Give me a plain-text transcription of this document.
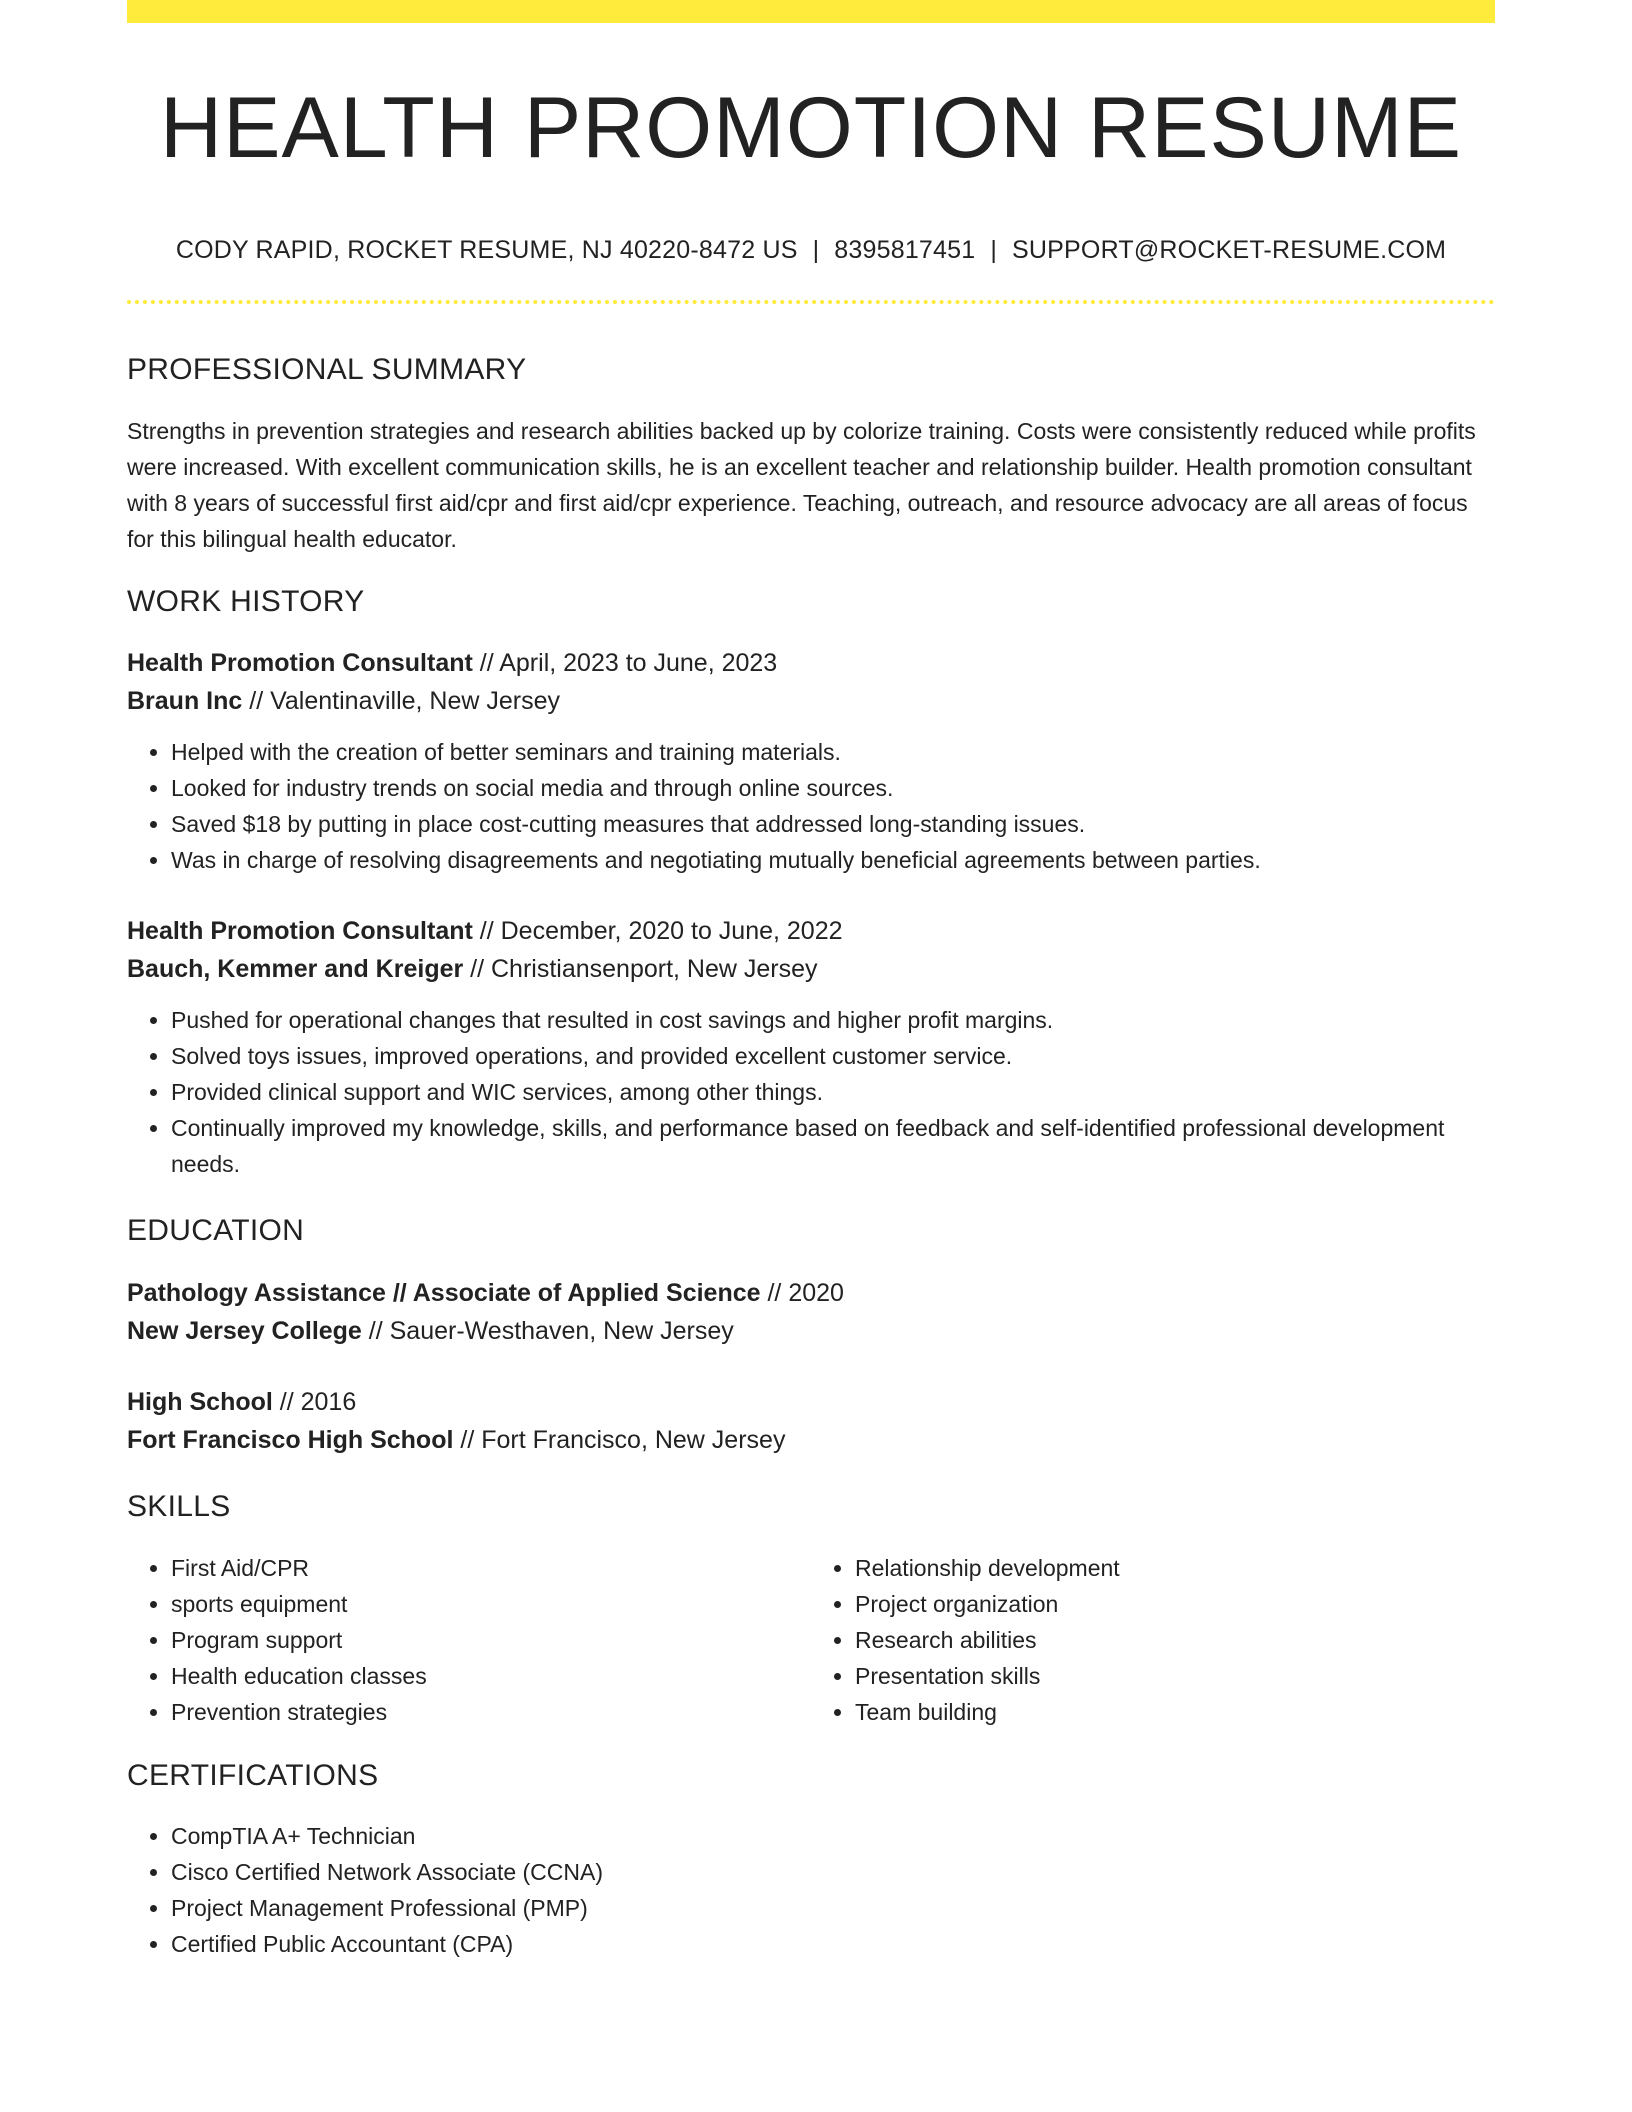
HEALTH PROMOTION RESUME
CODY RAPID, ROCKET RESUME, NJ 40220-8472 US | 8395817451 | SUPPORT@ROCKET-RESUME.COM
PROFESSIONAL SUMMARY

Strengths in prevention strategies and research abilities backed up by colorize training. Costs were consistently reduced while profits were increased. With excellent communication skills, he is an excellent teacher and relationship builder. Health promotion consultant with 8 years of successful first aid/cpr and first aid/cpr experience. Teaching, outreach, and resource advocacy are all areas of focus for this bilingual health educator.

WORK HISTORY
Health Promotion Consultant // April, 2023 to June, 2023
Braun Inc // Valentinaville, New Jersey
• Helped with the creation of better seminars and training materials.
• Looked for industry trends on social media and through online sources.
• Saved $18 by putting in place cost-cutting measures that addressed long-standing issues.
• Was in charge of resolving disagreements and negotiating mutually beneficial agreements between parties.
Health Promotion Consultant // December, 2020 to June, 2022
Bauch, Kemmer and Kreiger // Christiansenport, New Jersey
• Pushed for operational changes that resulted in cost savings and higher profit margins.
• Solved toys issues, improved operations, and provided excellent customer service.
• Provided clinical support and WIC services, among other things.
• Continually improved my knowledge, skills, and performance based on feedback and self-identified professional development needs.
EDUCATION
Pathology Assistance // Associate of Applied Science // 2020
New Jersey College // Sauer-Westhaven, New Jersey
High School // 2016
Fort Francisco High School // Fort Francisco, New Jersey
SKILLS
• First Aid/CPR
• sports equipment
• Program support
• Health education classes
• Prevention strategies
• Relationship development
• Project organization
• Research abilities
• Presentation skills
• Team building
CERTIFICATIONS
• CompTIA A+ Technician
• Cisco Certified Network Associate (CCNA)
• Project Management Professional (PMP)
• Certified Public Accountant (CPA)
